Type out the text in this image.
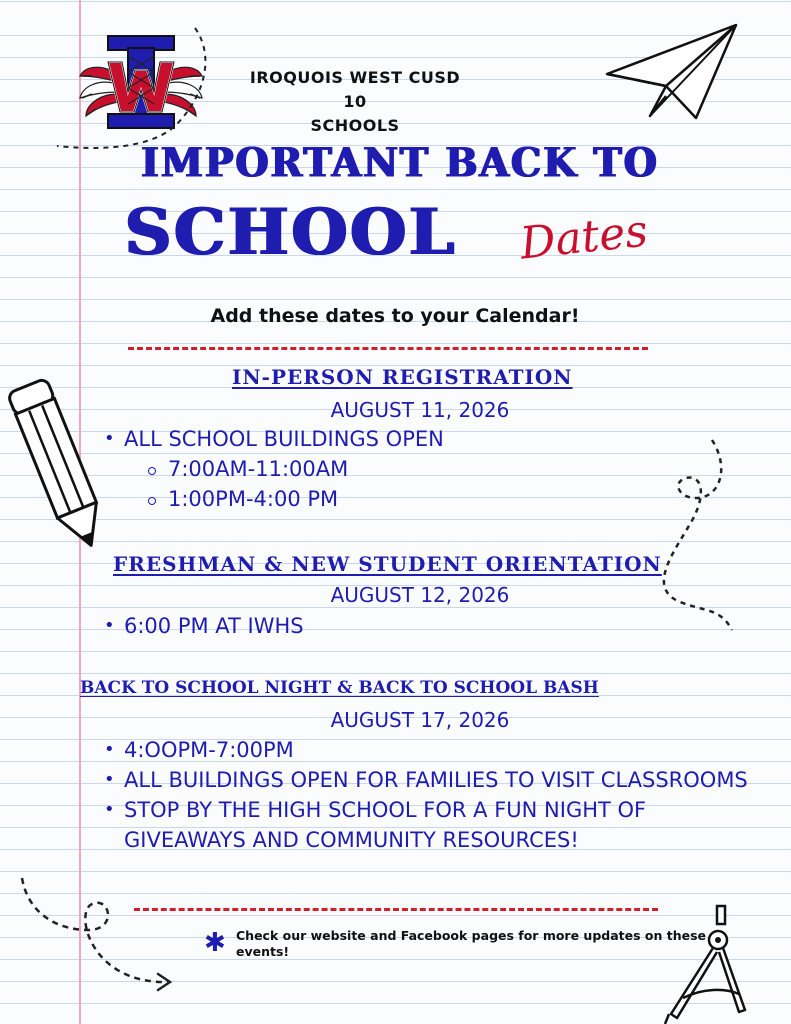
IROQUOIS WEST CUSD 10
SCHOOLS
IMPORTANT BACK TO
SCHOOL Dates
Add these dates to your Calendar!
IN-PERSON REGISTRATION
AUGUST 11, 2026
• ALL SCHOOL BUILDINGS OPEN
7:00AM-11:00AM
1:00PM-4:00 PM
FRESHMAN & NEW STUDENT ORIENTATION
AUGUST 12, 2026
• 6:00 PM AT IWHS
BACK TO SCHOOL NIGHT & BACK TO SCHOOL BASH
AUGUST 17, 2026
• 4:OOPM-7:00PM
• ALL BUILDINGS OPEN FOR FAMILIES TO VISIT CLASSROOMS
• STOP BY THE HIGH SCHOOL FOR A FUN NIGHT OF GIVEAWAYS AND COMMUNITY RESOURCES!
✱ Check our website and Facebook pages for more updates on these events!
